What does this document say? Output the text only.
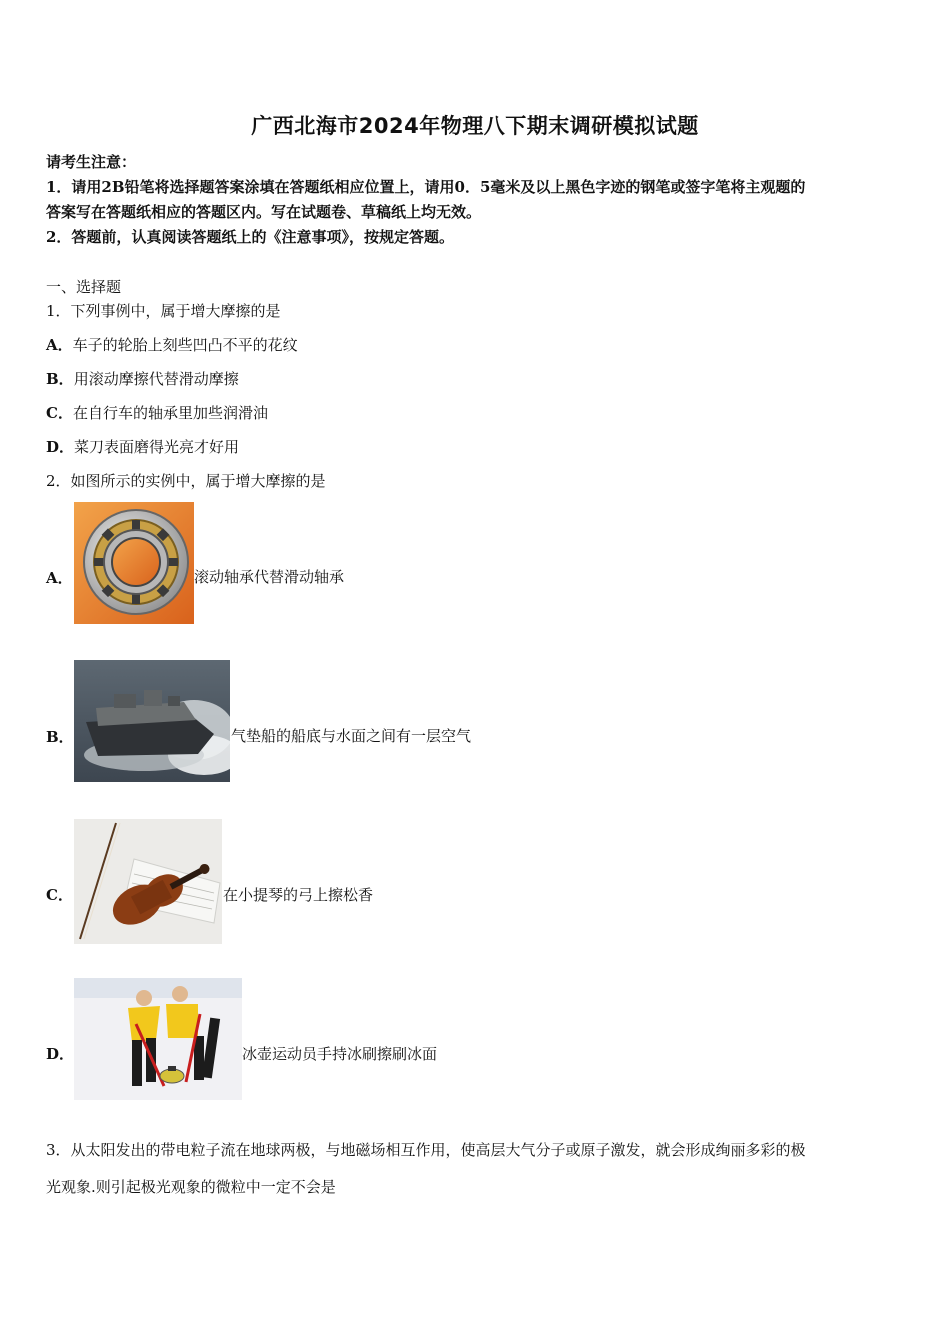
广西北海市2024年物理八下期末调研模拟试题
请考生注意：
1．请用2B铅笔将选择题答案涂填在答题纸相应位置上，请用0．5毫米及以上黑色字迹的钢笔或签字笔将主观题的
答案写在答题纸相应的答题区内。写在试题卷、草稿纸上均无效。
2．答题前，认真阅读答题纸上的《注意事项》，按规定答题。
一、选择题
1．下列事例中，属于增大摩擦的是
A．车子的轮胎上刻些凹凸不平的花纹
B．用滚动摩擦代替滑动摩擦
C．在自行车的轴承里加些润滑油
D．菜刀表面磨得光亮才好用
2．如图所示的实例中，属于增大摩擦的是
A．	滚动轴承代替滑动轴承
B．	气垫船的船底与水面之间有一层空气
C．	在小提琴的弓上擦松香
D．	冰壶运动员手持冰刷擦刷冰面
3．从太阳发出的带电粒子流在地球两极，与地磁场相互作用，使高层大气分子或原子激发，就会形成绚丽多彩的极
光观象.则引起极光观象的微粒中一定不会是
